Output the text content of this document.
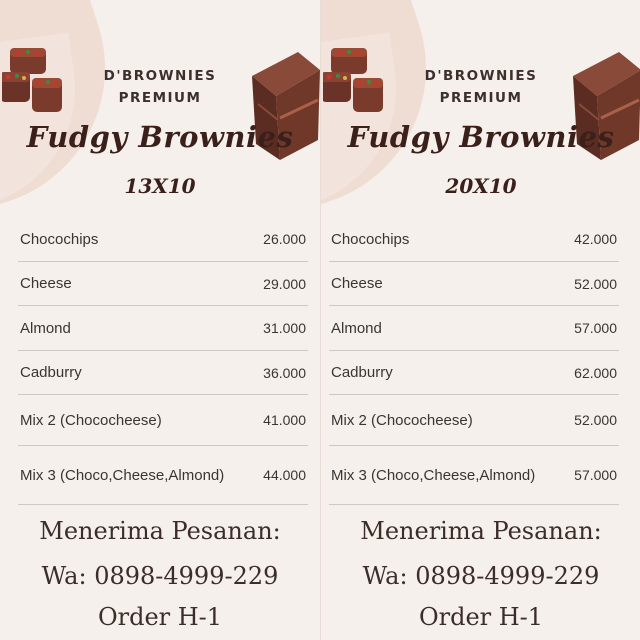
D'BROWNIES
PREMIUM
Fudgy Brownies
13X10
Chocochips	26.000
Cheese	29.000
Almond	31.000
Cadburry	36.000
Mix 2 (Chococheese)	41.000
Mix 3 (Choco,Cheese,Almond)	44.000
Menerima Pesanan:
Wa: 0898-4999-229
Order H-1
D'BROWNIES
PREMIUM
Fudgy Brownies
20X10
Chocochips	42.000
Cheese	52.000
Almond	57.000
Cadburry	62.000
Mix 2 (Chococheese)	52.000
Mix 3 (Choco,Cheese,Almond)	57.000
Menerima Pesanan:
Wa: 0898-4999-229
Order H-1
